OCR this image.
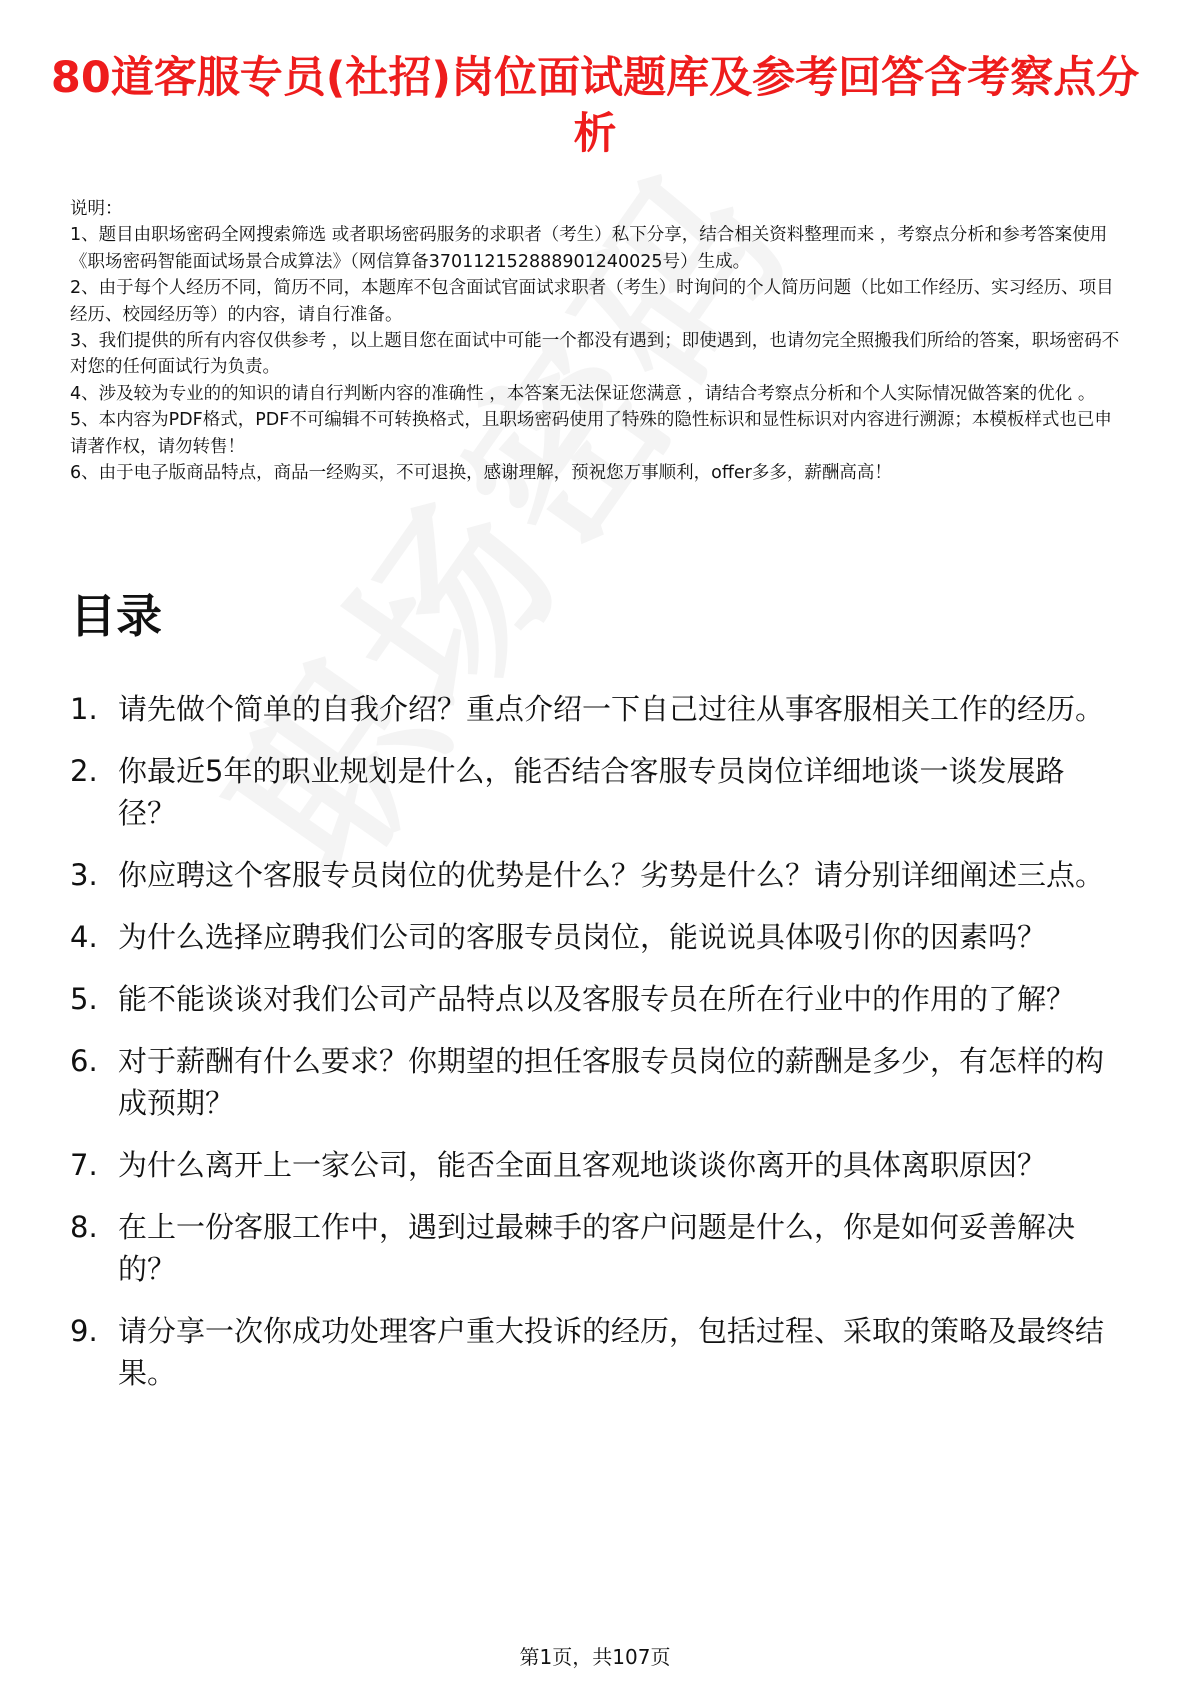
80道客服专员(社招)岗位面试题库及参考回答含考察点分析
说明：
1、题目由职场密码全网搜索筛选 或者职场密码服务的求职者（考生）私下分享，结合相关资料整理而来 ，考察点分析和参考答案使用《职场密码智能面试场景合成算法》（网信算备370112152888901240025号）生成。
2、由于每个人经历不同，简历不同，本题库不包含面试官面试求职者（考生）时询问的个人简历问题（比如工作经历、实习经历、项目经历、校园经历等）的内容，请自行准备。
3、我们提供的所有内容仅供参考 ，以上题目您在面试中可能一个都没有遇到；即使遇到，也请勿完全照搬我们所给的答案，职场密码不对您的任何面试行为负责。
4、涉及较为专业的的知识的请自行判断内容的准确性 ，本答案无法保证您满意 ，请结合考察点分析和个人实际情况做答案的优化 。
5、本内容为PDF格式，PDF不可编辑不可转换格式，且职场密码使用了特殊的隐性标识和显性标识对内容进行溯源；本模板样式也已申请著作权，请勿转售！
6、由于电子版商品特点，商品一经购买，不可退换，感谢理解，预祝您万事顺利，offer多多，薪酬高高！
目录
1. 请先做个简单的自我介绍？重点介绍一下自己过往从事客服相关工作的经历。
2. 你最近5年的职业规划是什么，能否结合客服专员岗位详细地谈一谈发展路径？
3. 你应聘这个客服专员岗位的优势是什么？劣势是什么？请分别详细阐述三点。
4. 为什么选择应聘我们公司的客服专员岗位，能说说具体吸引你的因素吗？
5. 能不能谈谈对我们公司产品特点以及客服专员在所在行业中的作用的了解？
6. 对于薪酬有什么要求？你期望的担任客服专员岗位的薪酬是多少，有怎样的构成预期？
7. 为什么离开上一家公司，能否全面且客观地谈谈你离开的具体离职原因？
8. 在上一份客服工作中，遇到过最棘手的客户问题是什么，你是如何妥善解决的？
9. 请分享一次你成功处理客户重大投诉的经历，包括过程、采取的策略及最终结果。
第1页，共107页
